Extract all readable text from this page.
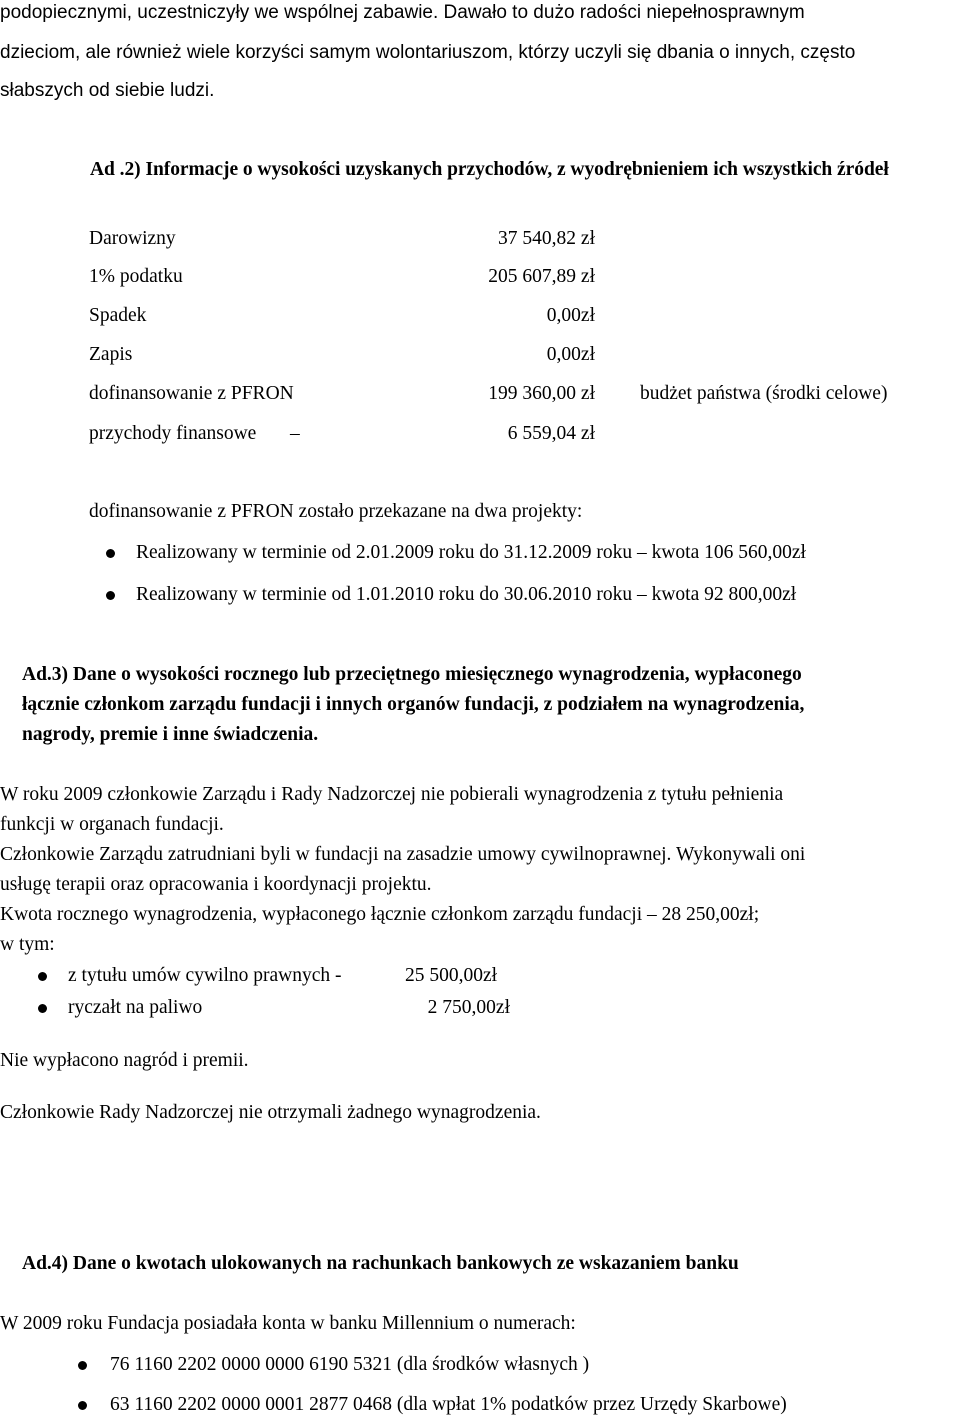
podopiecznymi, uczestniczyły we wspólnej zabawie. Dawało to dużo radości niepełnosprawnym
dzieciom, ale również wiele korzyści samym wolontariuszom, którzy uczyli się dbania o innych, często
słabszych od siebie ludzi.
Ad .2) Informacje o wysokości uzyskanych przychodów, z wyodrębnieniem ich wszystkich źródeł
Darowizny	37 540,82 zł
1% podatku	205 607,89 zł
Spadek	0,00zł
Zapis	0,00zł
dofinansowanie z PFRON	199 360,00 zł budżet państwa (środki celowe)
przychody finansowe –	6 559,04 zł
dofinansowanie z PFRON zostało przekazane na dwa projekty:
Realizowany w terminie od 2.01.2009 roku do 31.12.2009 roku – kwota 106 560,00zł
Realizowany w terminie od 1.01.2010 roku do 30.06.2010 roku – kwota 92 800,00zł
Ad.3) Dane o wysokości rocznego lub przeciętnego miesięcznego wynagrodzenia, wypłaconego
łącznie członkom zarządu fundacji i innych organów fundacji, z podziałem na wynagrodzenia,
nagrody, premie i inne świadczenia.
W roku 2009 członkowie Zarządu i Rady Nadzorczej nie pobierali wynagrodzenia z tytułu pełnienia
funkcji w organach fundacji.
Członkowie Zarządu zatrudniani byli w fundacji na zasadzie umowy cywilnoprawnej. Wykonywali oni
usługę terapii oraz opracowania i koordynacji projektu.
Kwota rocznego wynagrodzenia, wypłaconego łącznie członkom zarządu fundacji – 28 250,00zł;
w tym:
z tytułu umów cywilno prawnych -	25 500,00zł
ryczałt na paliwo	2 750,00zł
Nie wypłacono nagród i premii.
Członkowie Rady Nadzorczej nie otrzymali żadnego wynagrodzenia.
Ad.4) Dane o kwotach ulokowanych na rachunkach bankowych ze wskazaniem banku
W 2009 roku Fundacja posiadała konta w banku Millennium o numerach:
76 1160 2202 0000 0000 6190 5321 (dla środków własnych )
63 1160 2202 0000 0001 2877 0468 (dla wpłat 1% podatków przez Urzędy Skarbowe)
